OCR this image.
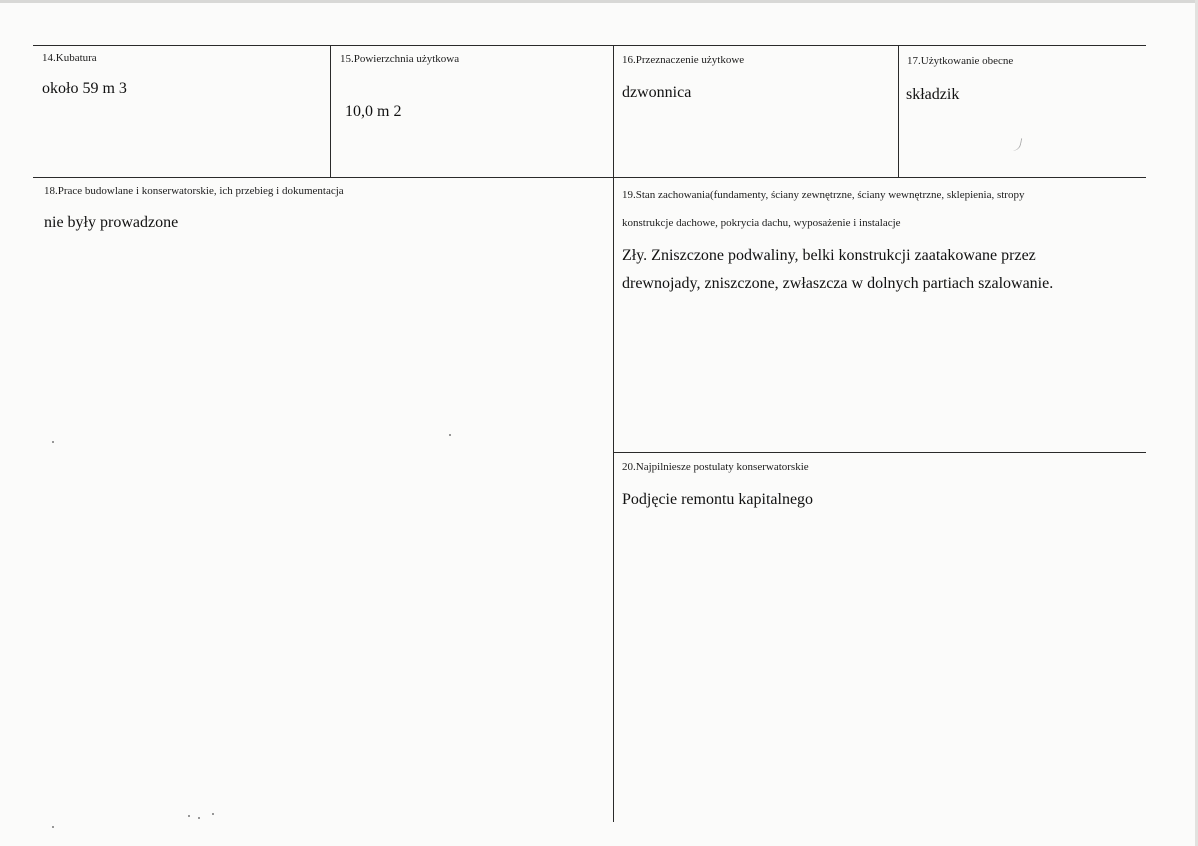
14.Kubatura
około 59 m 3
15.Powierzchnia użytkowa
10,0 m 2
16.Przeznaczenie użytkowe
dzwonnica
17.Użytkowanie obecne
składzik
18.Prace budowlane i konserwatorskie, ich przebieg i dokumentacja
nie były prowadzone
19.Stan zachowania(fundamenty, ściany zewnętrzne, ściany wewnętrzne, sklepienia, stropy
konstrukcje dachowe, pokrycia dachu, wyposażenie i instalacje
Zły. Zniszczone podwaliny, belki konstrukcji zaatakowane przez
drewnojady, zniszczone, zwłaszcza w dolnych partiach szalowanie.
20.Najpilniesze postulaty konserwatorskie
Podjęcie remontu kapitalnego
